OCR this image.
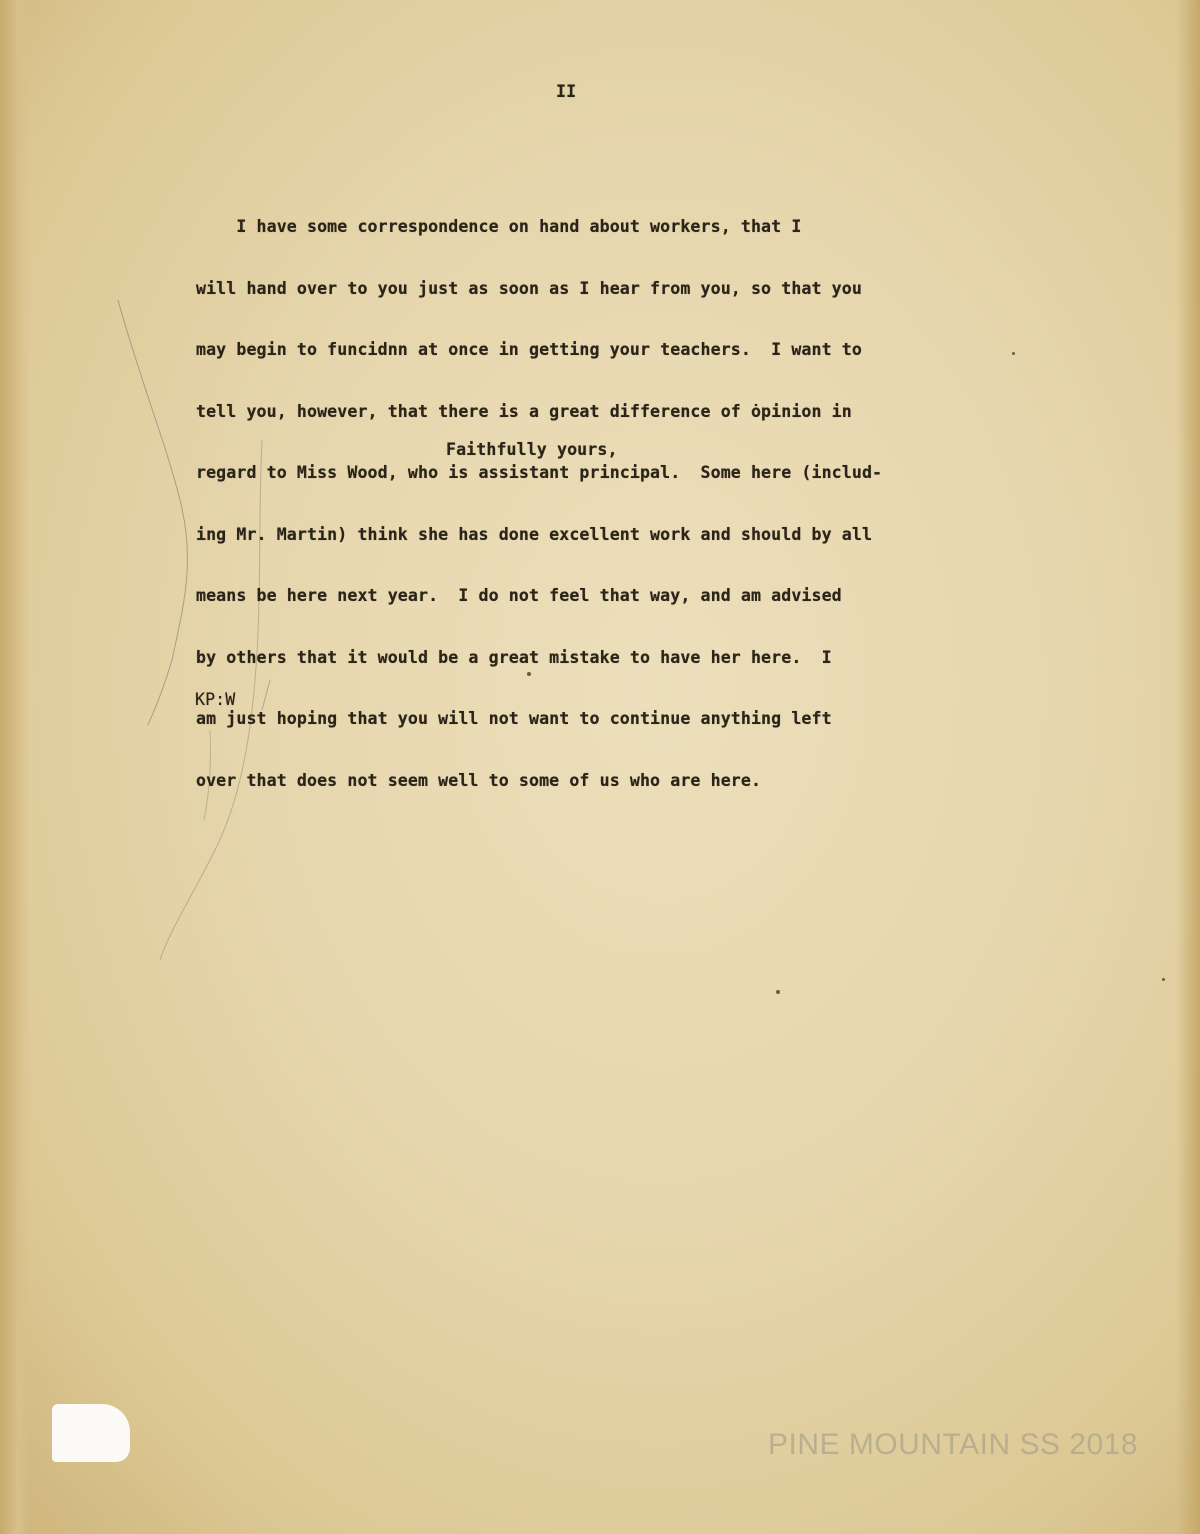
II

I have some correspondence on hand about workers, that I

will hand over to you just as soon as I hear from you, so that you

may begin to funcidnn at once in getting your teachers.  I want to

tell you, however, that there is a great difference of ȯpinion in

regard to Miss Wood, who is assistant principal.  Some here (includ-

ing Mr. Martin) think she has done excellent work and should by all

means be here next year.  I do not feel that way, and am advised

by others that it would be a great mistake to have her here.  I

am just hoping that you will not want to continue anything left

over that does not seem well to some of us who are here.

Faithfully yours,
KP:W
PINE MOUNTAIN SS 2018
